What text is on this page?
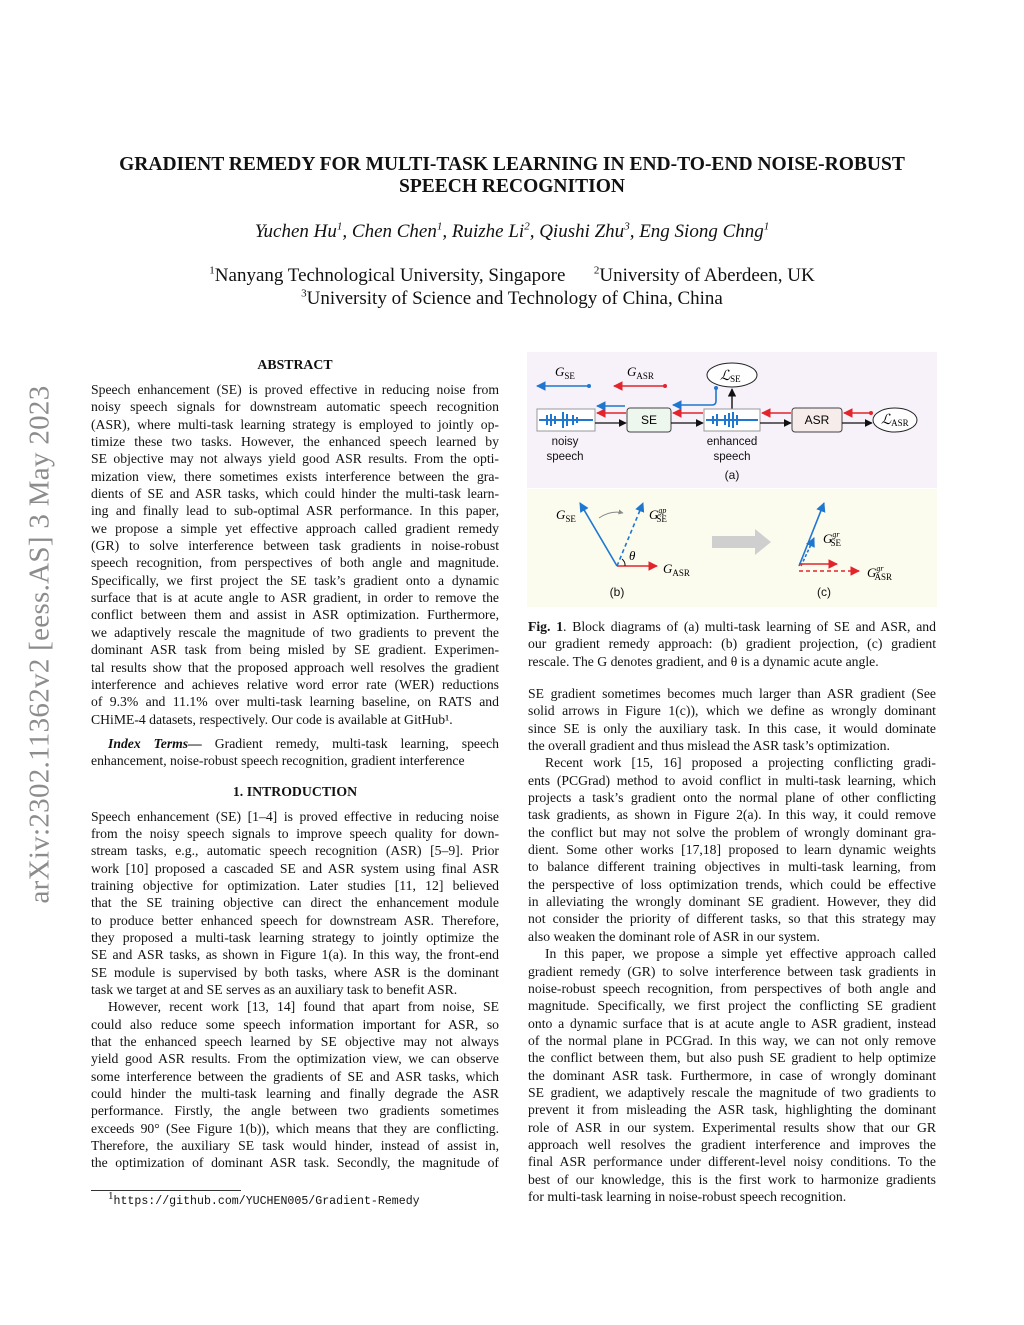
arXiv:2302.11362v2 [eess.AS] 3 May 2023
GRADIENT REMEDY FOR MULTI-TASK LEARNING IN END-TO-END NOISE-ROBUST
SPEECH RECOGNITION
Yuchen Hu$^1$, Chen Chen$^1$, Ruizhe Li$^2$, Qiushi Zhu$^3$, Eng Siong Chng$^1$
$^1$Nanyang Technological University, Singapore	$^2$University of Aberdeen, UK
$^3$University of Science and Technology of China, China
ABSTRACT
Speech enhancement (SE) is proved effective in reducing noise from
noisy speech signals for downstream automatic speech recognition
(ASR), where multi-task learning strategy is employed to jointly op-
timize these two tasks. However, the enhanced speech learned by
SE objective may not always yield good ASR results. From the opti-
mization view, there sometimes exists interference between the gra-
dients of SE and ASR tasks, which could hinder the multi-task learn-
ing and finally lead to sub-optimal ASR performance. In this paper,
we propose a simple yet effective approach called gradient remedy
(GR) to solve interference between task gradients in noise-robust
speech recognition, from perspectives of both angle and magnitude.
Specifically, we first project the SE task’s gradient onto a dynamic
surface that is at acute angle to ASR gradient, in order to remove the
conflict between them and assist in ASR optimization. Furthermore,
we adaptively rescale the magnitude of two gradients to prevent the
dominant ASR task from being misled by SE gradient. Experimen-
tal results show that the proposed approach well resolves the gradient
interference and achieves relative word error rate (WER) reductions
of 9.3% and 11.1% over multi-task learning baseline, on RATS and
CHiME-4 datasets, respectively. Our code is available at GitHub¹.
Index Terms— Gradient remedy, multi-task learning, speech
enhancement, noise-robust speech recognition, gradient interference
1. INTRODUCTION
Speech enhancement (SE) [1–4] is proved effective in reducing noise
from the noisy speech signals to improve speech quality for down-
stream tasks, e.g., automatic speech recognition (ASR) [5–9]. Prior
work [10] proposed a cascaded SE and ASR system using final ASR
training objective for optimization. Later studies [11, 12] believed
that the SE training objective can direct the enhancement module
to produce better enhanced speech for downstream ASR. Therefore,
they proposed a multi-task learning strategy to jointly optimize the
SE and ASR tasks, as shown in Figure 1(a). In this way, the front-end
SE module is supervised by both tasks, where ASR is the dominant
task we target at and SE serves as an auxiliary task to benefit ASR.
However, recent work [13, 14] found that apart from noise, SE
could also reduce some speech information important for ASR, so
that the enhanced speech learned by SE objective may not always
yield good ASR results. From the optimization view, we can observe
some interference between the gradients of SE and ASR tasks, which
could hinder the multi-task learning and finally degrade the ASR
performance. Firstly, the angle between two gradients sometimes
exceeds 90° (See Figure 1(b)), which means that they are conflicting.
Therefore, the auxiliary SE task would hinder, instead of assist in,
the optimization of dominant ASR task. Secondly, the magnitude of
$^1$https://github.com/YUCHEN005/Gradient-Remedy
$G_{SE}$	$G_{ASR}$	ℒSE
SE	ASR	ℒASR
noisy
speech
enhanced
speech
(a)
(b)	(c)
$G_{SE}$	$G^{gp}$ SE
θ
$G_{ASR}$
$G^{gr}$ SE
$G^{gr}$ ASR
Fig. 1. Block diagrams of (a) multi-task learning of SE and ASR, and
our gradient remedy approach: (b) gradient projection, (c) gradient
rescale. The G denotes gradient, and θ is a dynamic acute angle.
SE gradient sometimes becomes much larger than ASR gradient (See
solid arrows in Figure 1(c)), which we define as wrongly dominant
since SE is only the auxiliary task. In this case, it would dominate
the overall gradient and thus mislead the ASR task’s optimization.
Recent work [15, 16] proposed a projecting conflicting gradi-
ents (PCGrad) method to avoid conflict in multi-task learning, which
projects a task’s gradient onto the normal plane of other conflicting
task gradients, as shown in Figure 2(a). In this way, it could remove
the conflict but may not solve the problem of wrongly dominant gra-
dient. Some other works [17,18] proposed to learn dynamic weights
to balance different training objectives in multi-task learning, from
the perspective of loss optimization trends, which could be effective
in alleviating the wrongly dominant SE gradient. However, they did
not consider the priority of different tasks, so that this strategy may
also weaken the dominant role of ASR in our system.
In this paper, we propose a simple yet effective approach called
gradient remedy (GR) to solve interference between task gradients in
noise-robust speech recognition, from perspectives of both angle and
magnitude. Specifically, we first project the conflicting SE gradient
onto a dynamic surface that is at acute angle to ASR gradient, instead
of the normal plane in PCGrad. In this way, we can not only remove
the conflict between them, but also push SE gradient to help optimize
the dominant ASR task. Furthermore, in case of wrongly dominant
SE gradient, we adaptively rescale the magnitude of two gradients to
prevent it from misleading the ASR task, highlighting the dominant
role of ASR in our system. Experimental results show that our GR
approach well resolves the gradient interference and improves the
final ASR performance under different-level noisy conditions. To the
best of our knowledge, this is the first work to harmonize gradients
for multi-task learning in noise-robust speech recognition.
